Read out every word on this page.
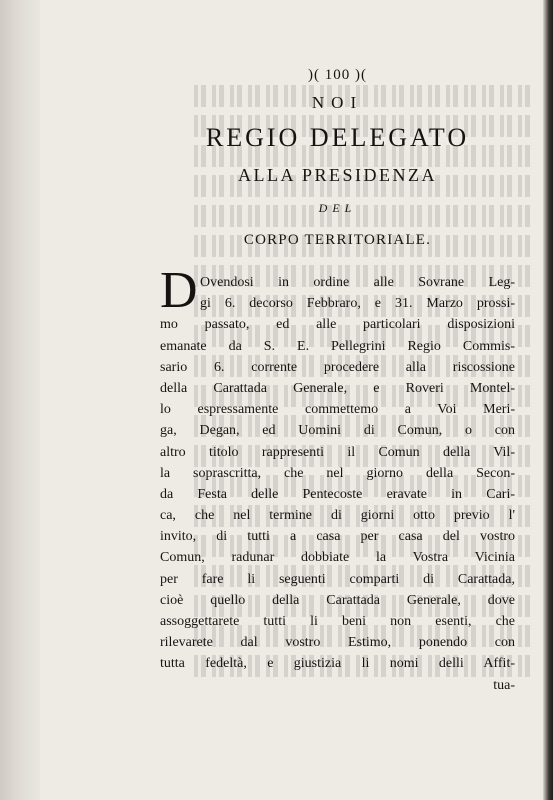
)( 100 )(
NOI
REGIO DELEGATO
ALLA PRESIDENZA
DEL
CORPO TERRITORIALE.
D Ovendosi in ordine alle Sovrane Leg-
gi 6. decorso Febbraro, e 31. Marzo prossi-
mo passato, ed alle particolari disposizioni
emanate da S. E. Pellegrini Regio Commis-
sario 6. corrente procedere alla riscossione
della Carattada Generale, e Roveri Montel-
lo espressamente commettemo a Voi Meri-
ga, Degan, ed Uomini di Comun, o con
altro titolo rappresenti il Comun della Vil-
la soprascritta, che nel giorno della Secon-
da Festa delle Pentecoste eravate in Cari-
ca, che nel termine di giorni otto previo l'
invito, di tutti a casa per casa del vostro
Comun, radunar dobbiate la Vostra Vicinia
per fare li seguenti comparti di Carattada,
cioè quello della Carattada Generale, dove
assoggettarete tutti li beni non esenti, che
rilevarete dal vostro Estimo, ponendo con
tutta fedeltà, e giustizia li nomi delli Affit-
tua-
